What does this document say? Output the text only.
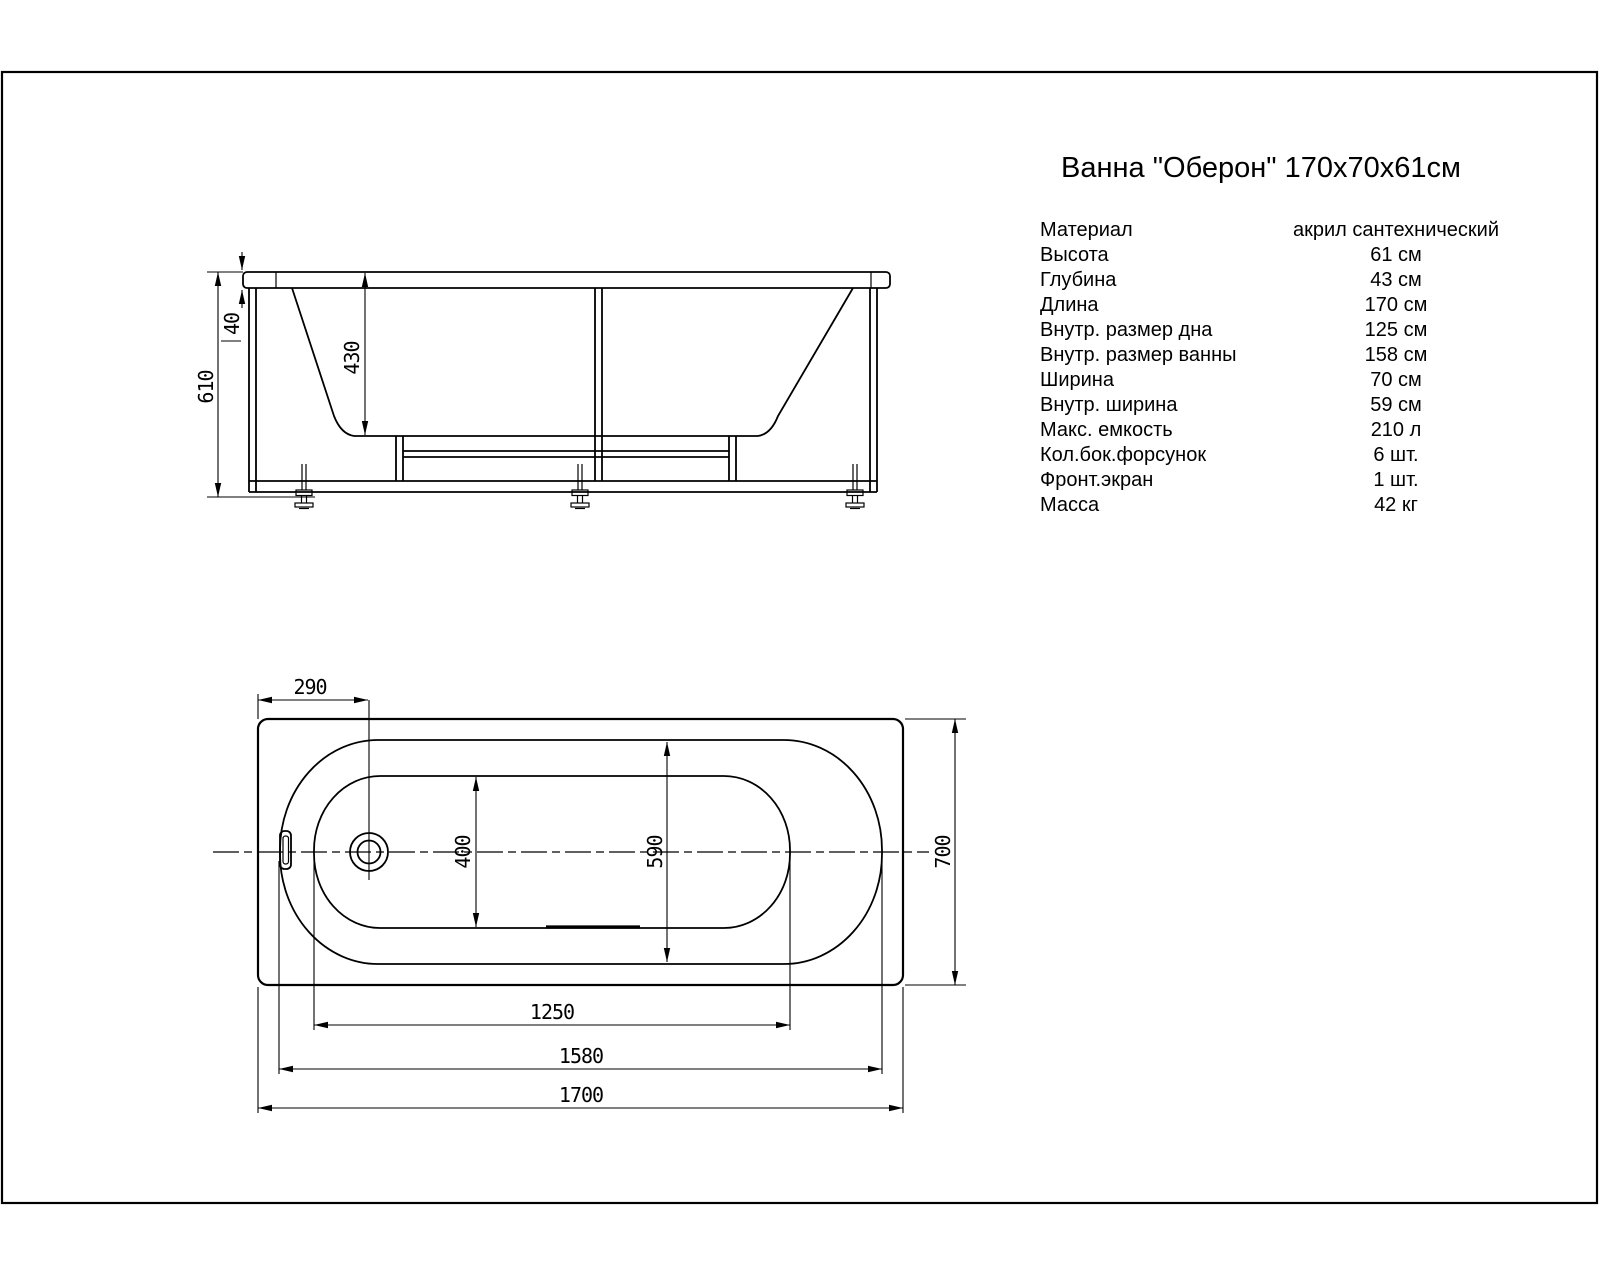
610
40
430
290
400	590	700
1250
1580
1700
Ванна "Оберон" 170x70x61см
Материал	акрил сантехнический
Высота	61 см
Глубина	43 см
Длина	170 см
Внутр. размер дна	125 см
Внутр. размер ванны	158 см
Ширина	70 см
Внутр. ширина	59 см
Макс. емкость	210 л
Кол.бок.форсунок	6 шт.
Фронт.экран	1 шт.
Масса	42 кг
